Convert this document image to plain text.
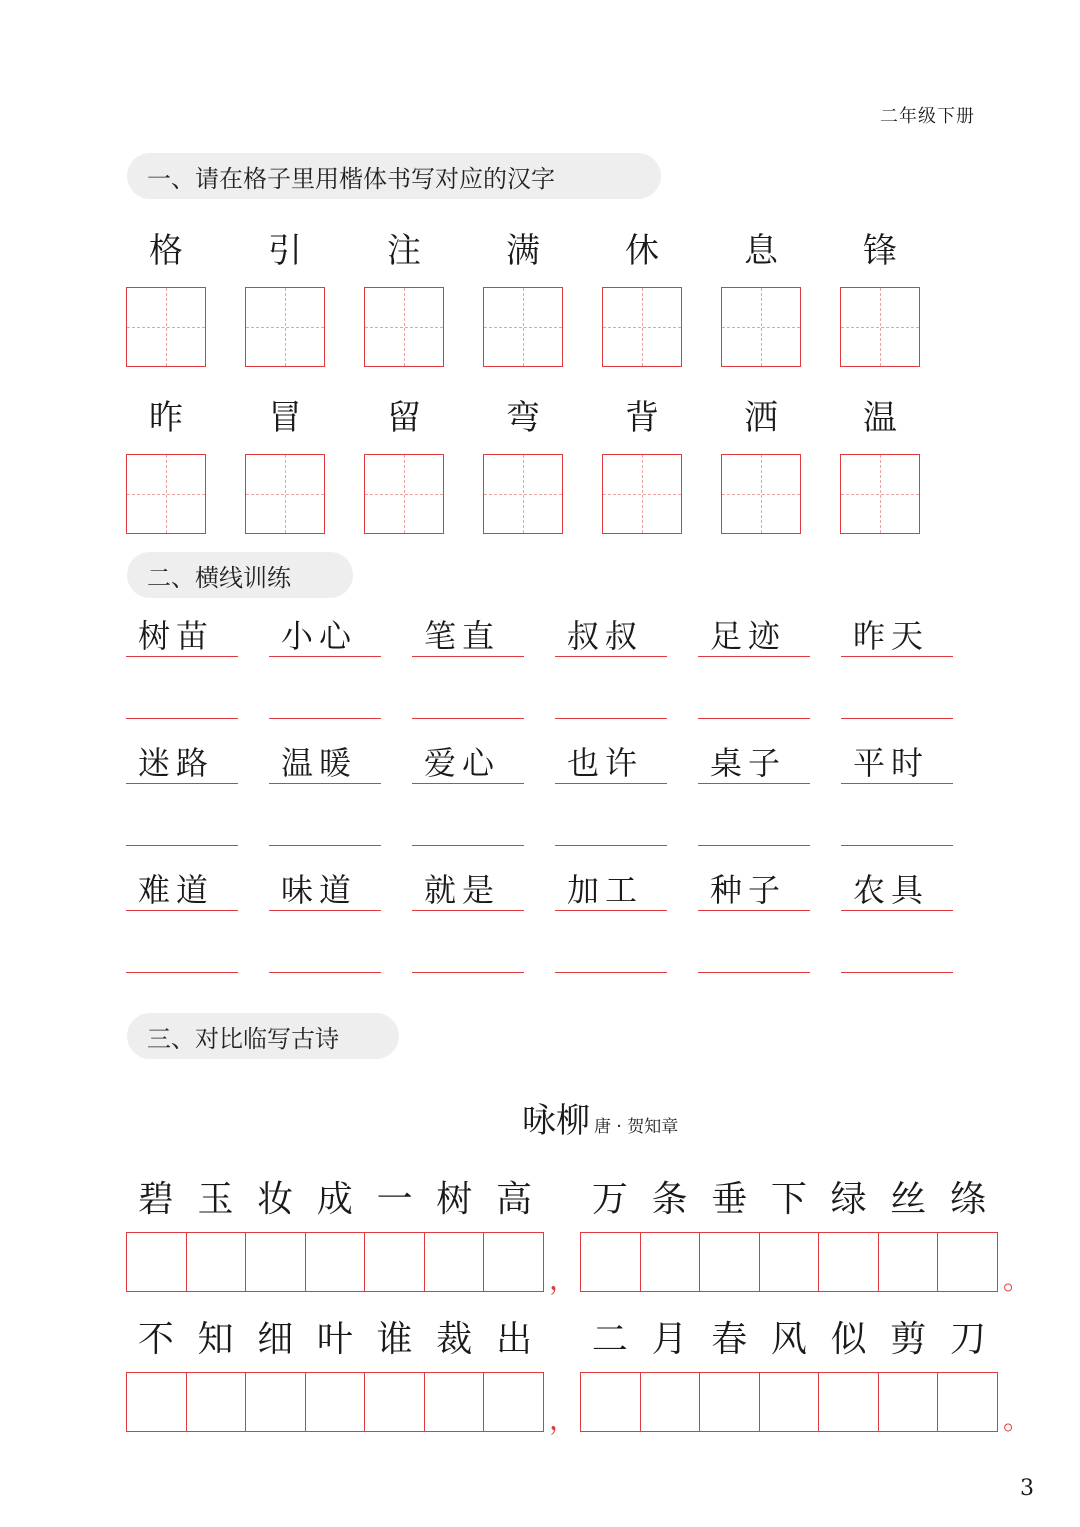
二年级下册
一、请在格子里用楷体书写对应的汉字
格	引	注	满	休	息	锋
昨	冒	留	弯	背	洒	温
二、横线训练
树苗	小心	笔直	叔叔	足迹	昨天
迷路	温暖	爱心	也许	桌子	平时
难道	味道	就是	加工	种子	农具
三、对比临写古诗
咏柳 唐 · 贺知章
碧 玉 妆 成 一 树 高
，
万 条 垂 下 绿 丝 绦
。
不 知 细 叶 谁 裁 出
，
二 月 春 风 似 剪 刀
。
3
